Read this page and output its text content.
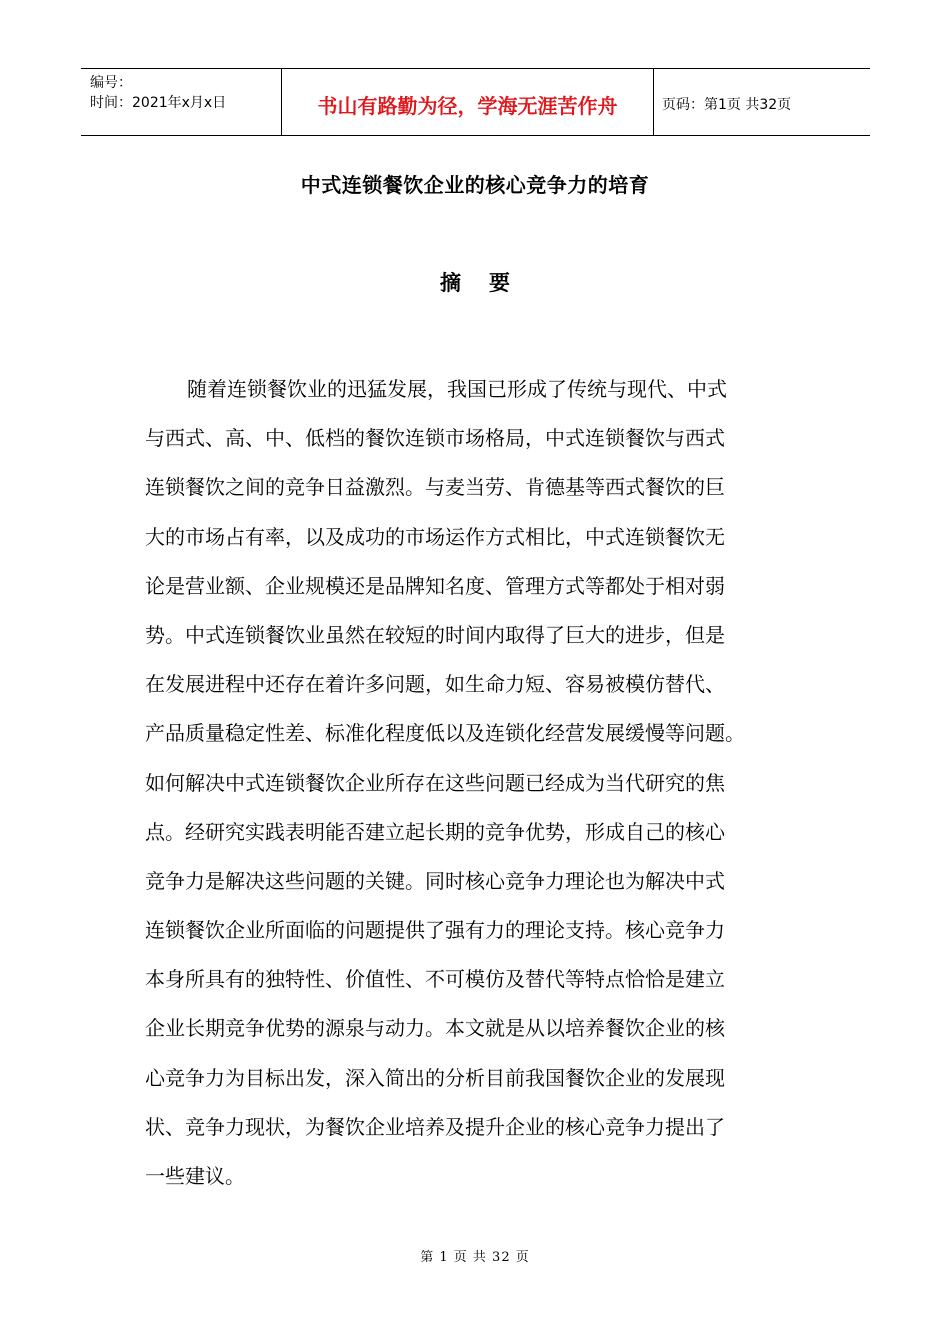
编号：
时间：2021年x月x日	书山有路勤为径，学海无涯苦作舟	页码：第1页 共32页
中式连锁餐饮企业的核心竞争力的培育
摘要
随着连锁餐饮业的迅猛发展，我国已形成了传统与现代、中式
与西式、高、中、低档的餐饮连锁市场格局，中式连锁餐饮与西式
连锁餐饮之间的竞争日益激烈。与麦当劳、肯德基等西式餐饮的巨
大的市场占有率，以及成功的市场运作方式相比，中式连锁餐饮无
论是营业额、企业规模还是品牌知名度、管理方式等都处于相对弱
势。中式连锁餐饮业虽然在较短的时间内取得了巨大的进步，但是
在发展进程中还存在着许多问题，如生命力短、容易被模仿替代、
产品质量稳定性差、标准化程度低以及连锁化经营发展缓慢等问题。
如何解决中式连锁餐饮企业所存在这些问题已经成为当代研究的焦
点。经研究实践表明能否建立起长期的竞争优势，形成自己的核心
竞争力是解决这些问题的关键。同时核心竞争力理论也为解决中式
连锁餐饮企业所面临的问题提供了强有力的理论支持。核心竞争力
本身所具有的独特性、价值性、不可模仿及替代等特点恰恰是建立
企业长期竞争优势的源泉与动力。本文就是从以培养餐饮企业的核
心竞争力为目标出发，深入简出的分析目前我国餐饮企业的发展现
状、竞争力现状，为餐饮企业培养及提升企业的核心竞争力提出了
一些建议。
第 1 页 共 32 页
